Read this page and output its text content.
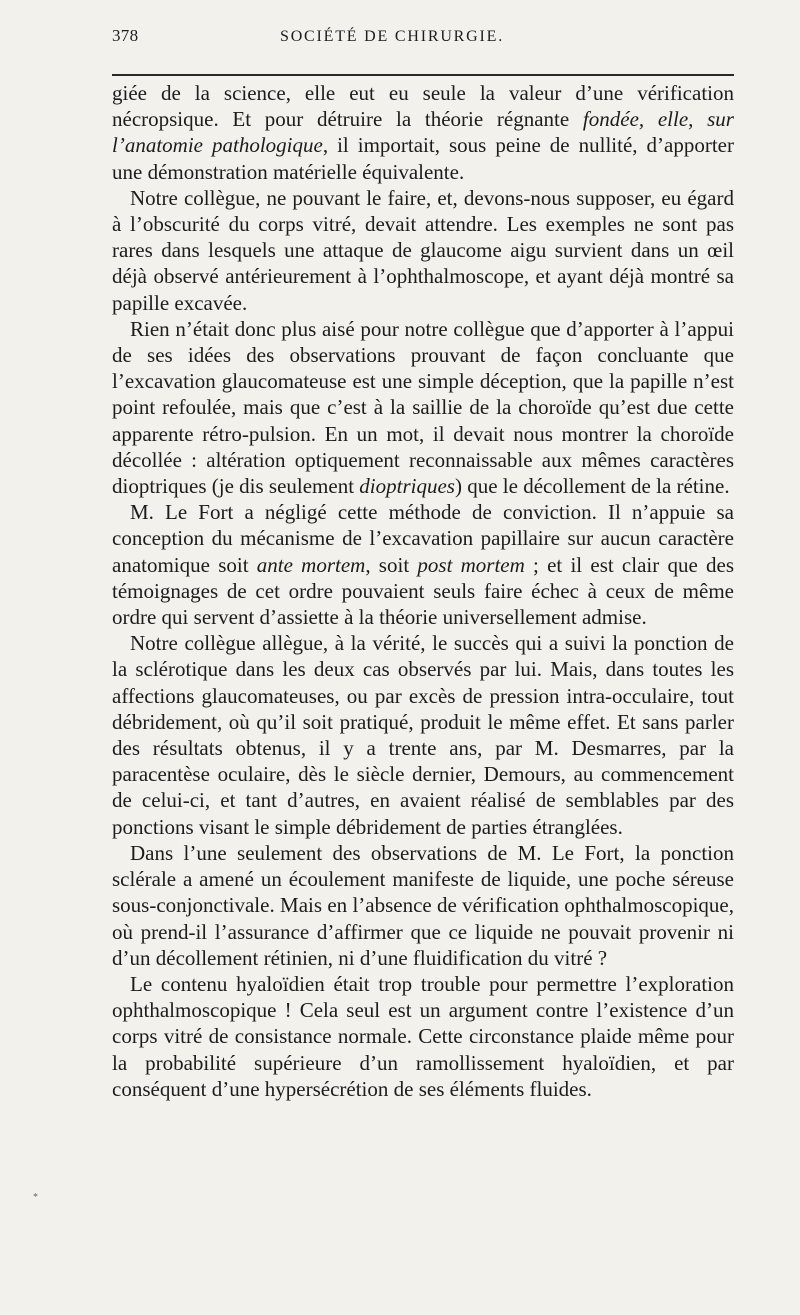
378	SOCIÉTÉ DE CHIRURGIE.

giée de la science, elle eut eu seule la valeur d’une vérification nécropsique. Et pour détruire la théorie régnante fondée, elle, sur l’anatomie pathologique, il importait, sous peine de nullité, d’apporter une démonstration matérielle équivalente.

Notre collègue, ne pouvant le faire, et, devons-nous supposer, eu égard à l’obscurité du corps vitré, devait attendre. Les exemples ne sont pas rares dans lesquels une attaque de glaucome aigu survient dans un œil déjà observé antérieurement à l’ophthalmoscope, et ayant déjà montré sa papille excavée.

Rien n’était donc plus aisé pour notre collègue que d’apporter à l’appui de ses idées des observations prouvant de façon concluante que l’excavation glaucomateuse est une simple déception, que la papille n’est point refoulée, mais que c’est à la saillie de la choroïde qu’est due cette apparente rétro-pulsion. En un mot, il devait nous montrer la choroïde décollée : altération optiquement reconnaissable aux mêmes caractères dioptriques (je dis seulement dioptriques) que le décollement de la rétine.

M. Le Fort a négligé cette méthode de conviction. Il n’appuie sa conception du mécanisme de l’excavation papillaire sur aucun caractère anatomique soit ante mortem, soit post mortem ; et il est clair que des témoignages de cet ordre pouvaient seuls faire échec à ceux de même ordre qui servent d’assiette à la théorie universellement admise.

Notre collègue allègue, à la vérité, le succès qui a suivi la ponction de la sclérotique dans les deux cas observés par lui. Mais, dans toutes les affections glaucomateuses, ou par excès de pression intra-occulaire, tout débridement, où qu’il soit pratiqué, produit le même effet. Et sans parler des résultats obtenus, il y a trente ans, par M. Desmarres, par la paracentèse oculaire, dès le siècle dernier, Demours, au commencement de celui-ci, et tant d’autres, en avaient réalisé de semblables par des ponctions visant le simple débridement de parties étranglées.

Dans l’une seulement des observations de M. Le Fort, la ponction sclérale a amené un écoulement manifeste de liquide, une poche séreuse sous-conjonctivale. Mais en l’absence de vérification ophthalmoscopique, où prend-il l’assurance d’affirmer que ce liquide ne pouvait provenir ni d’un décollement rétinien, ni d’une fluidification du vitré ?

Le contenu hyaloïdien était trop trouble pour permettre l’exploration ophthalmoscopique ! Cela seul est un argument contre l’existence d’un corps vitré de consistance normale. Cette circonstance plaide même pour la probabilité supérieure d’un ramollissement hyaloïdien, et par conséquent d’une hypersécrétion de ses éléments fluides.

*
